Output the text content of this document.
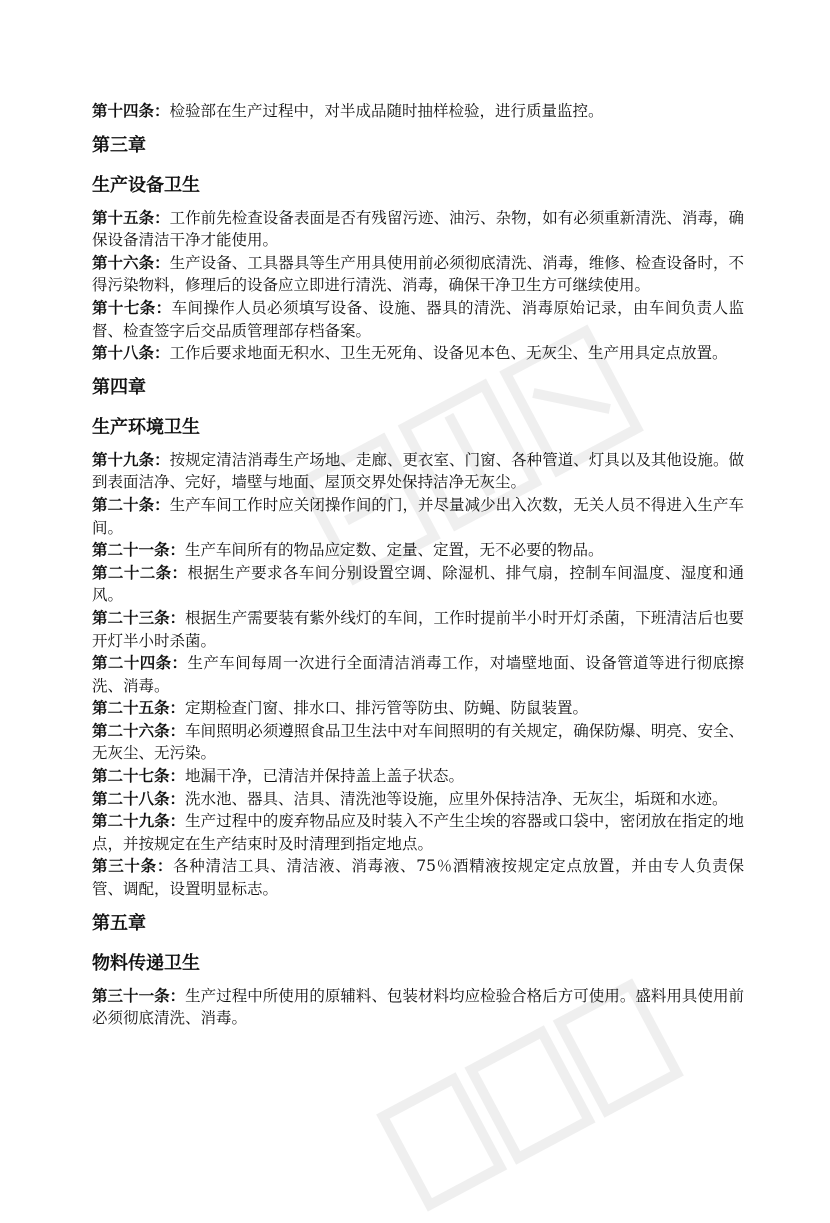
第十四条：检验部在生产过程中，对半成品随时抽样检验，进行质量监控。

第三章
生产设备卫生

第十五条：工作前先检查设备表面是否有残留污迹、油污、杂物，如有必须重新清洗、消毒，确保设备清洁干净才能使用。

第十六条：生产设备、工具器具等生产用具使用前必须彻底清洗、消毒，维修、检查设备时，不得污染物料，修理后的设备应立即进行清洗、消毒，确保干净卫生方可继续使用。

第十七条：车间操作人员必须填写设备、设施、器具的清洗、消毒原始记录，由车间负责人监督、检查签字后交品质管理部存档备案。

第十八条：工作后要求地面无积水、卫生无死角、设备见本色、无灰尘、生产用具定点放置。

第四章
生产环境卫生

第十九条：按规定清洁消毒生产场地、走廊、更衣室、门窗、各种管道、灯具以及其他设施。做到表面洁净、完好，墙壁与地面、屋顶交界处保持洁净无灰尘。

第二十条：生产车间工作时应关闭操作间的门，并尽量减少出入次数，无关人员不得进入生产车间。

第二十一条：生产车间所有的物品应定数、定量、定置，无不必要的物品。

第二十二条：根据生产要求各车间分别设置空调、除湿机、排气扇，控制车间温度、湿度和通风。

第二十三条：根据生产需要装有紫外线灯的车间，工作时提前半小时开灯杀菌，下班清洁后也要开灯半小时杀菌。

第二十四条：生产车间每周一次进行全面清洁消毒工作，对墙壁地面、设备管道等进行彻底擦洗、消毒。

第二十五条：定期检查门窗、排水口、排污管等防虫、防蝇、防鼠装置。

第二十六条：车间照明必须遵照食品卫生法中对车间照明的有关规定，确保防爆、明亮、安全、无灰尘、无污染。

第二十七条：地漏干净，已清洁并保持盖上盖子状态。

第二十八条：洗水池、器具、洁具、清洗池等设施，应里外保持洁净、无灰尘，垢斑和水迹。

第二十九条：生产过程中的废弃物品应及时装入不产生尘埃的容器或口袋中，密闭放在指定的地点，并按规定在生产结束时及时清理到指定地点。

第三十条：各种清洁工具、清洁液、消毒液、75％酒精液按规定定点放置，并由专人负责保管、调配，设置明显标志。

第五章
物料传递卫生

第三十一条：生产过程中所使用的原辅料、包装材料均应检验合格后方可使用。盛料用具使用前必须彻底清洗、消毒。
